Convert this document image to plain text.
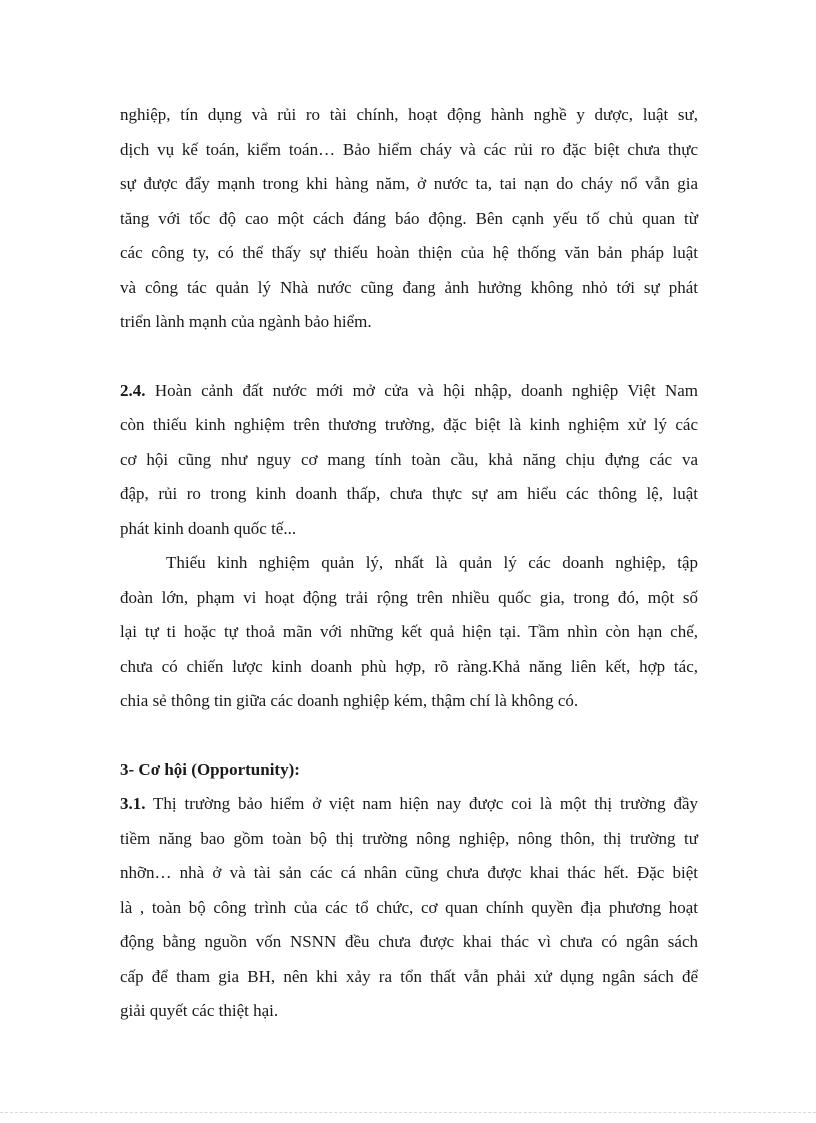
nghiệp, tín dụng và rủi ro tài chính, hoạt động hành nghề y dược, luật sư,
dịch vụ kế toán, kiểm toán… Bảo hiểm cháy và các rủi ro đặc biệt chưa thực
sự được đẩy mạnh trong khi hàng năm, ở nước ta, tai nạn do cháy nổ vẫn gia
tăng với tốc độ cao một cách đáng báo động. Bên cạnh yếu tố chủ quan từ
các công ty, có thể thấy sự thiếu hoàn thiện của hệ thống văn bản pháp luật
và công tác quản lý Nhà nước cũng đang ảnh hưởng không nhỏ tới sự phát
triển lành mạnh của ngành bảo hiểm.
2.4. Hoàn cảnh đất nước mới mở cửa và hội nhập, doanh nghiệp Việt Nam
còn thiếu kinh nghiệm trên thương trường, đặc biệt là kinh nghiệm xử lý các
cơ hội cũng như nguy cơ mang tính toàn cầu, khả năng chịu đựng các va
đập, rủi ro trong kinh doanh thấp, chưa thực sự am hiểu các thông lệ, luật
phát kinh doanh quốc tế...
Thiếu kinh nghiệm quản lý, nhất là quản lý các doanh nghiệp, tập
đoàn lớn, phạm vi hoạt động trải rộng trên nhiều quốc gia, trong đó, một số
lại tự ti hoặc tự thoả mãn với những kết quả hiện tại. Tầm nhìn còn hạn chế,
chưa có chiến lược kinh doanh phù hợp, rõ ràng.Khả năng liên kết, hợp tác,
chia sẻ thông tin giữa các doanh nghiệp kém, thậm chí là không có.
3- Cơ hội (Opportunity):
3.1. Thị trường bảo hiểm ở việt nam hiện nay được coi là một thị trường đầy
tiềm năng bao gồm toàn bộ thị trường nông nghiệp, nông thôn, thị trường tư
nhỡn… nhà ở và tài sản các cá nhân cũng chưa được khai thác hết. Đặc biệt
là , toàn bộ công trình của các tổ chức, cơ quan chính quyền địa phương hoạt
động bằng nguồn vốn NSNN đều chưa được khai thác vì chưa có ngân sách
cấp để tham gia BH, nên khi xảy ra tổn thất vẫn phải xử dụng ngân sách để
giải quyết các thiệt hại.
